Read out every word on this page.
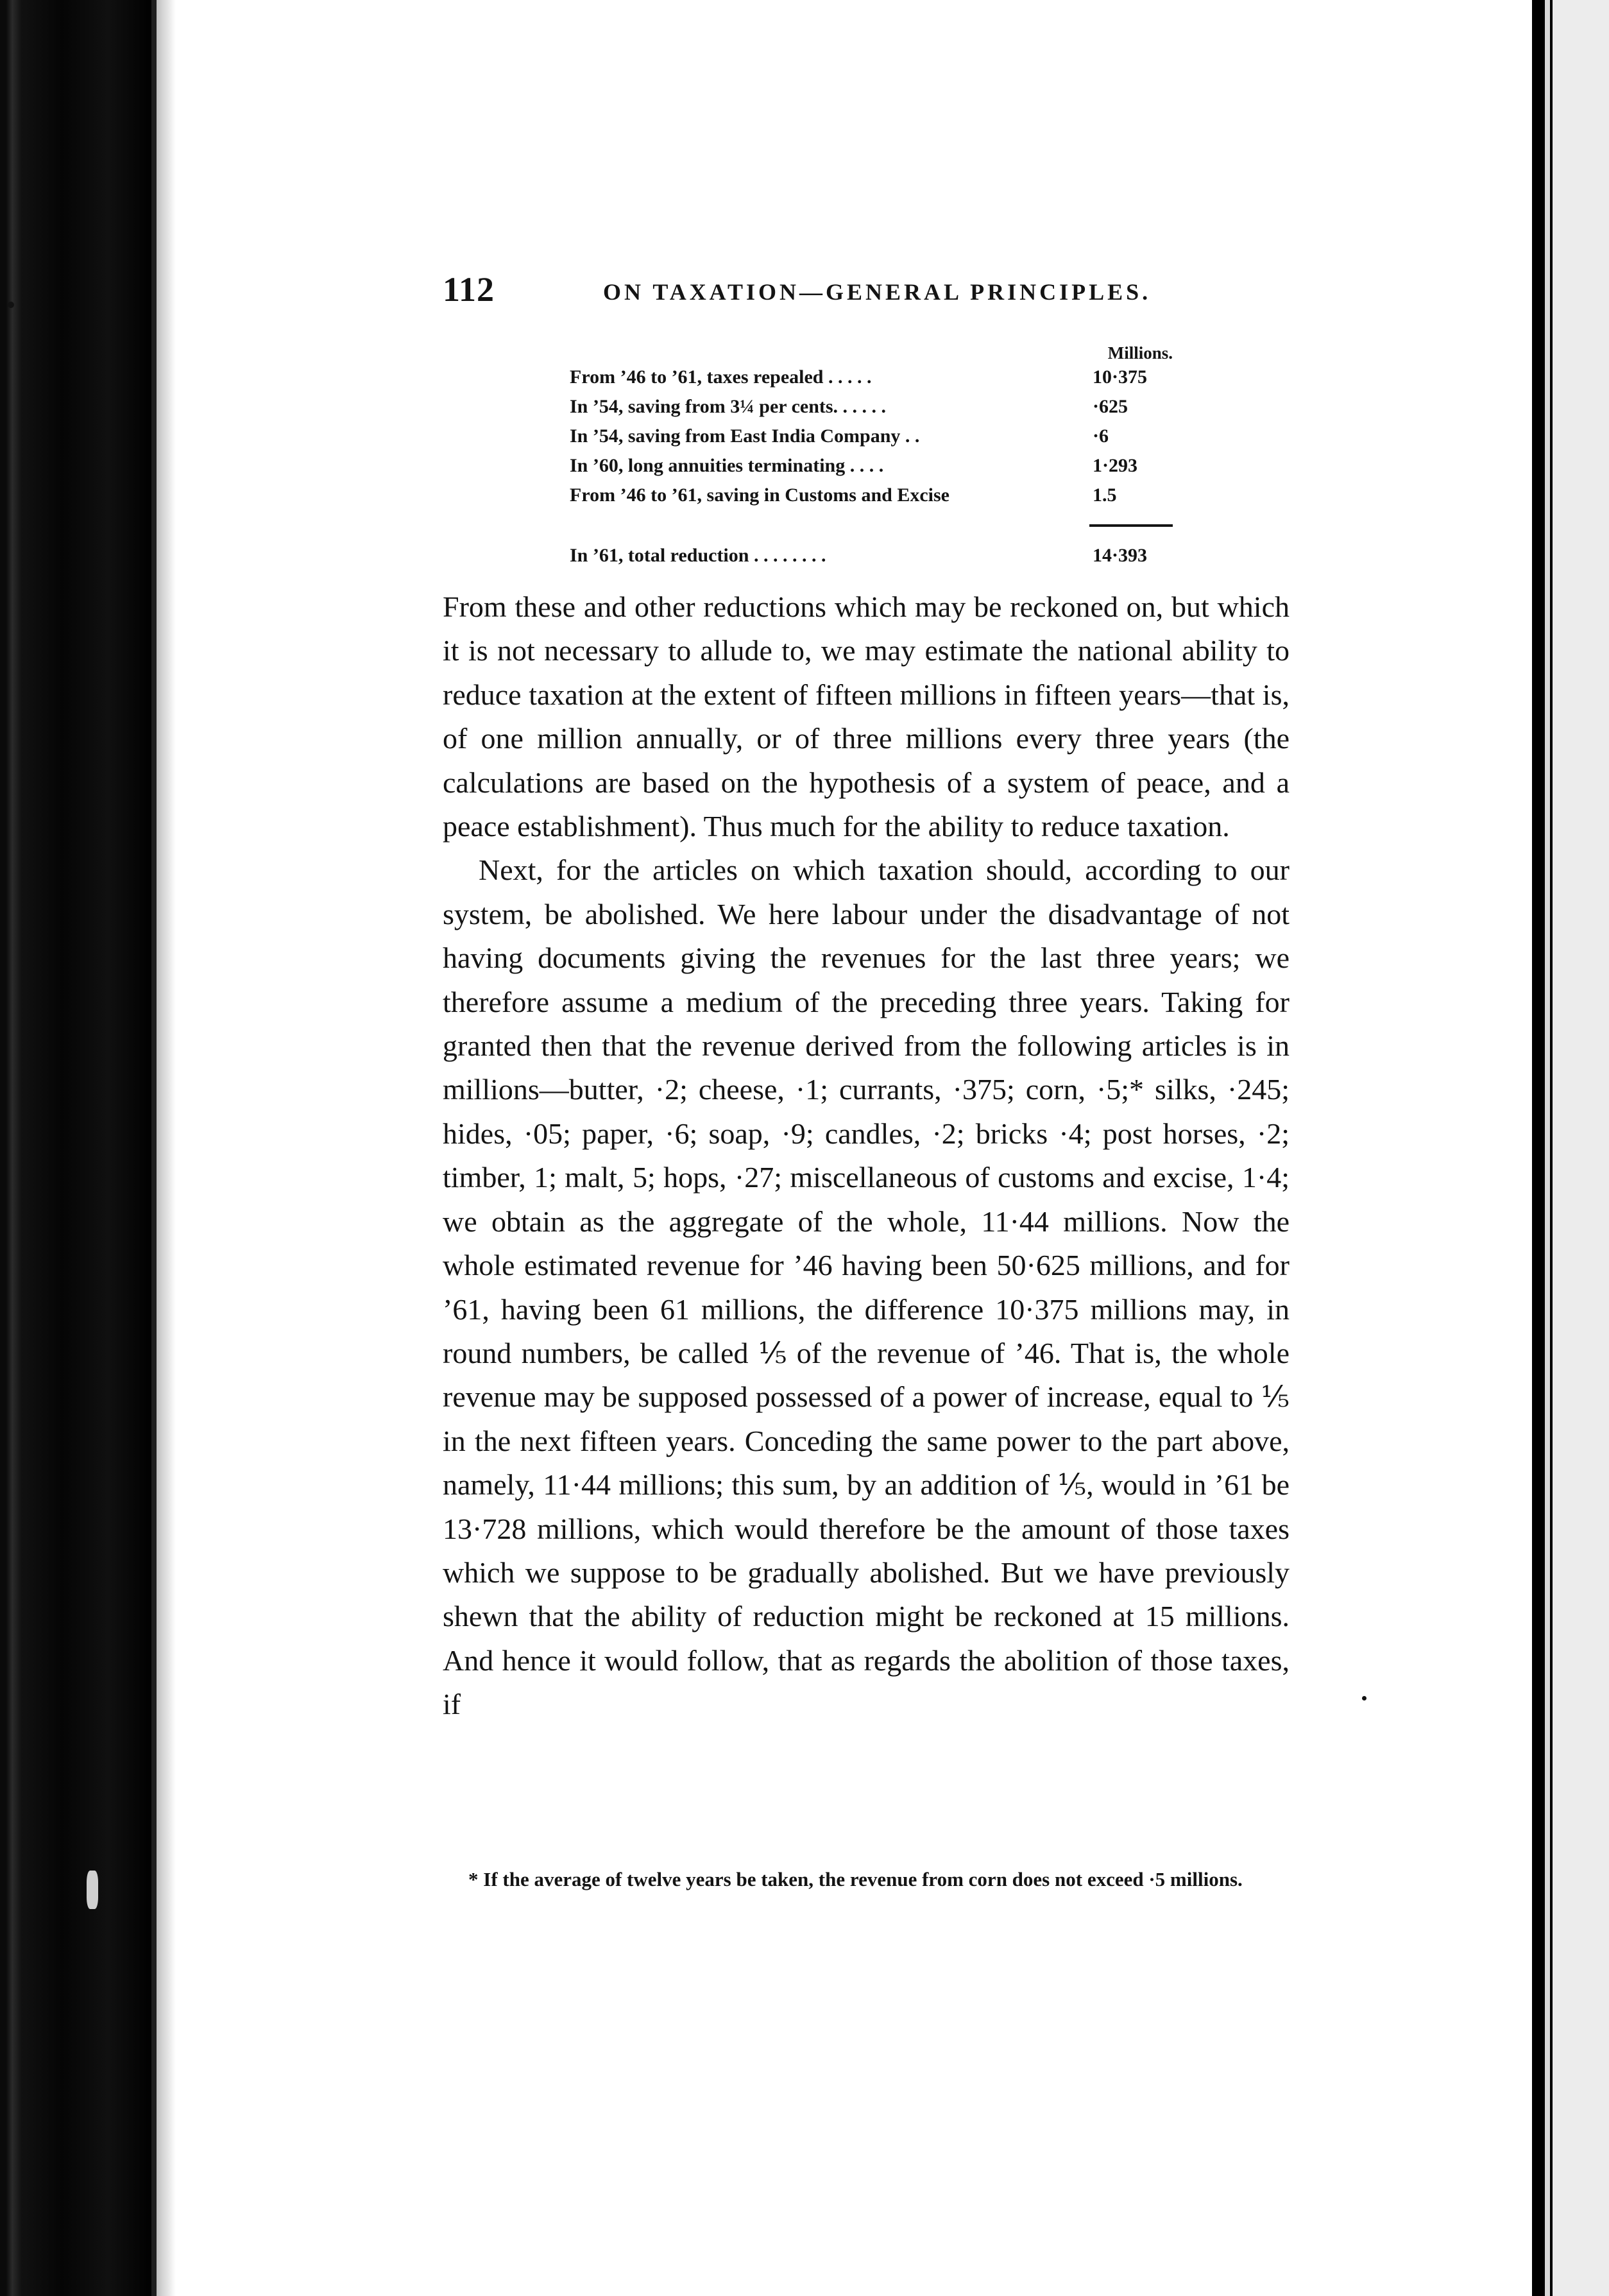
112	ON TAXATION—GENERAL PRINCIPLES.
Millions.
From ’46 to ’61, taxes repealed . . . . .	10·375
In ’54, saving from 3¼ per cents. . . . . .	·625
In ’54, saving from East India Company . .	·6
In ’60, long annuities terminating . . . .	1·293
From ’46 to ’61, saving in Customs and Excise	1.5
In ’61, total reduction . . . . . . . .	14·393

From these and other reductions which may be reckoned on, but which it is not necessary to allude to, we may estimate the national ability to reduce taxation at the extent of fifteen millions in fifteen years—that is, of one million annually, or of three millions every three years (the calculations are based on the hypothesis of a system of peace, and a peace establishment). Thus much for the ability to reduce taxation.

Next, for the articles on which taxation should, according to our system, be abolished. We here labour under the disadvantage of not having documents giving the revenues for the last three years; we therefore assume a medium of the preceding three years. Taking for granted then that the revenue derived from the following articles is in millions—butter, ·2; cheese, ·1; currants, ·375; corn, ·5;* silks, ·245; hides, ·05; paper, ·6; soap, ·9; candles, ·2; bricks ·4; post horses, ·2; timber, 1; malt, 5; hops, ·27; miscellaneous of customs and excise, 1·4; we obtain as the aggregate of the whole, 11·44 millions. Now the whole estimated revenue for ’46 having been 50·625 millions, and for ’61, having been 61 millions, the difference 10·375 millions may, in round numbers, be called ⅕ of the revenue of ’46. That is, the whole revenue may be supposed possessed of a power of increase, equal to ⅕ in the next fifteen years. Conceding the same power to the part above, namely, 11·44 millions; this sum, by an addition of ⅕, would in ’61 be 13·728 millions, which would therefore be the amount of those taxes which we suppose to be gradually abolished. But we have previously shewn that the ability of reduction might be reckoned at 15 millions. And hence it would follow, that as regards the abolition of those taxes, if

* If the average of twelve years be taken, the revenue from corn does not exceed ·5 millions.
